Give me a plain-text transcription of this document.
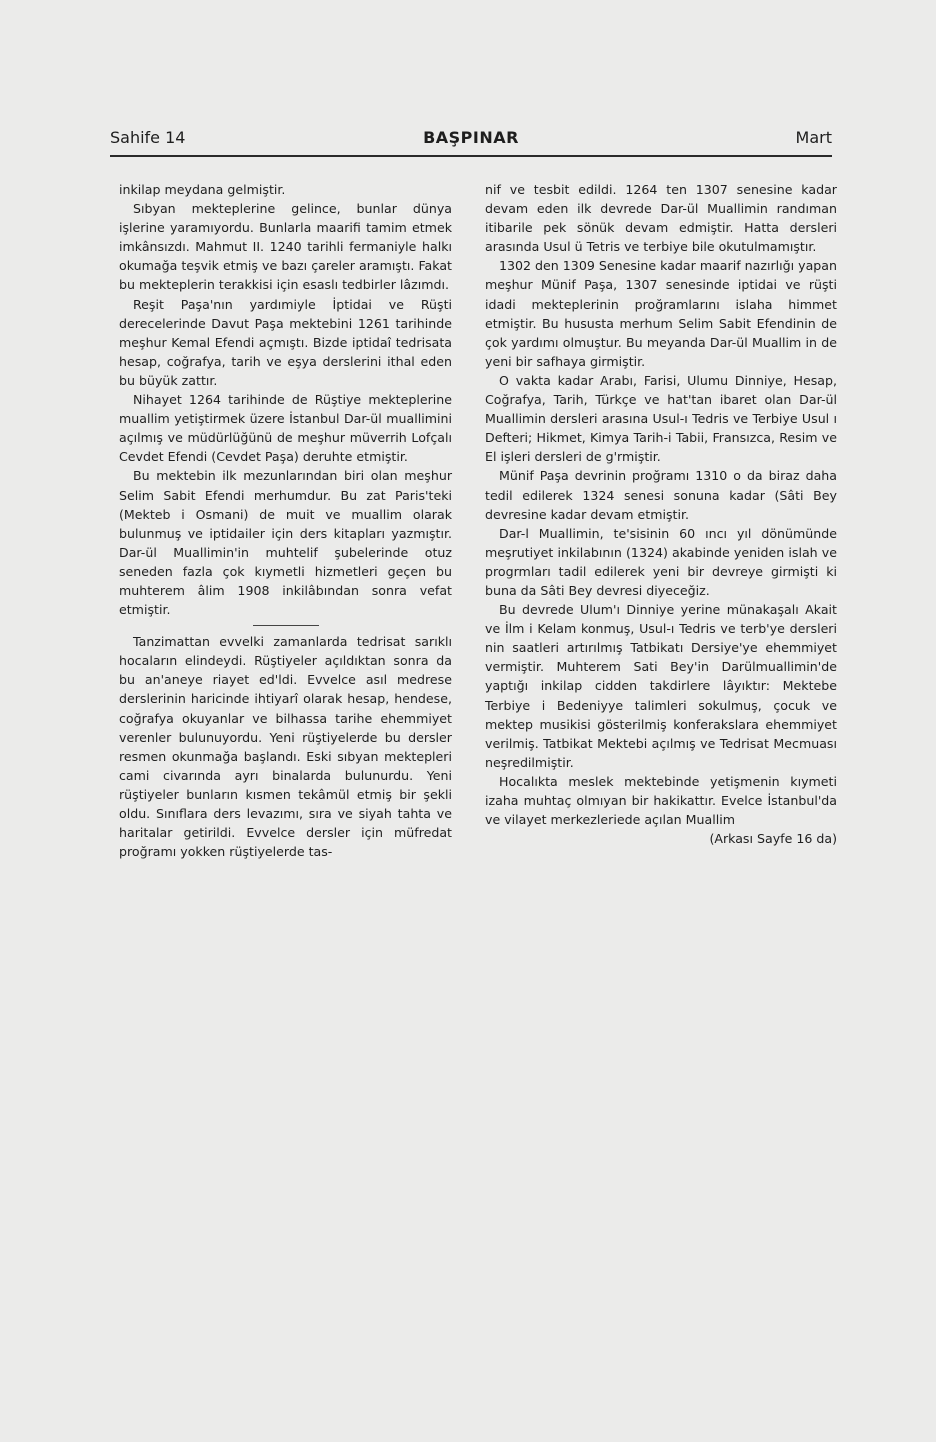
Sahife 14	BAŞPINAR	Mart

inkilap meydana gelmiştir.

Sıbyan mekteplerine gelince, bunlar dünya işlerine yaramıyordu. Bunlarla maarifi tamim etmek imkânsızdı. Mahmut II. 1240 tarihli fermaniyle halkı okumağa teşvik etmiş ve bazı çareler aramıştı. Fakat bu mekteplerin terakkisi için esaslı tedbirler lâzımdı.

Reşit Paşa'nın yardımiyle İptidai ve Rüşti derecelerinde Davut Paşa mektebini 1261 tarihinde meşhur Kemal Efendi açmıştı. Bizde iptidaî tedrisata hesap, coğrafya, tarih ve eşya derslerini ithal eden bu büyük zattır.

Nihayet 1264 tarihinde de Rüştiye mekteplerine muallim yetiştirmek üzere İstanbul Dar-ül muallimini açılmış ve müdürlüğünü de meşhur müverrih Lofçalı Cevdet Efendi (Cevdet Paşa) deruhte etmiştir.

Bu mektebin ilk mezunlarından biri olan meşhur Selim Sabit Efendi merhumdur. Bu zat Paris'teki (Mekteb i Osmani) de muit ve muallim olarak bulunmuş ve iptidailer için ders kitapları yazmıştır. Dar-ül Muallimin'in muhtelif şubelerinde otuz seneden fazla çok kıymetli hizmetleri geçen bu muhterem âlim 1908 inkilâbından sonra vefat etmiştir.

Tanzimattan evvelki zamanlarda tedrisat sarıklı hocaların elindeydi. Rüştiyeler açıldıktan sonra da bu an'aneye riayet ed'ldi. Evvelce asıl medrese derslerinin haricinde ihtiyarî olarak hesap, hendese, coğrafya okuyanlar ve bilhassa tarihe ehemmiyet verenler bulunuyordu. Yeni rüştiyelerde bu dersler resmen okunmağa başlandı. Eski sıbyan mektepleri cami civarında ayrı binalarda bulunurdu. Yeni rüştiyeler bunların kısmen tekâmül etmiş bir şekli oldu. Sınıflara ders levazımı, sıra ve siyah tahta ve haritalar getirildi. Evvelce dersler için müfredat proğramı yokken rüştiyelerde tas-

nif ve tesbit edildi. 1264 ten 1307 senesine kadar devam eden ilk devrede Dar-ül Muallimin randıman itibarile pek sönük devam edmiştir. Hatta dersleri arasında Usul ü Tetris ve terbiye bile okutulmamıştır.

1302 den 1309 Senesine kadar maarif nazırlığı yapan meşhur Münif Paşa, 1307 senesinde iptidai ve rüşti idadi mekteplerinin proğramlarını islaha himmet etmiştir. Bu hususta merhum Selim Sabit Efendinin de çok yardımı olmuştur. Bu meyanda Dar-ül Muallim in de yeni bir safhaya girmiştir.

O vakta kadar Arabı, Farisi, Ulumu Dinniye, Hesap, Coğrafya, Tarih, Türkçe ve hat'tan ibaret olan Dar-ül Muallimin dersleri arasına Usul-ı Tedris ve Terbiye Usul ı Defteri; Hikmet, Kimya Tarih-i Tabii, Fransızca, Resim ve El işleri dersleri de g'rmiştir.

Münif Paşa devrinin proğramı 1310 o da biraz daha tedil edilerek 1324 senesi sonuna kadar (Sâti Bey devresine kadar devam etmiştir.

Dar-l Muallimin, te'sisinin 60 ıncı yıl dönümünde meşrutiyet inkilabının (1324) akabinde yeniden islah ve progrmları tadil edilerek yeni bir devreye girmişti ki buna da Sâti Bey devresi diyeceğiz.

Bu devrede Ulum'ı Dinniye yerine münakaşalı Akait ve İlm i Kelam konmuş, Usul-ı Tedris ve terb'ye dersleri nin saatleri artırılmış Tatbikatı Dersiye'ye ehemmiyet vermiştir. Muhterem Sati Bey'in Darülmuallimin'de yaptığı inkilap cidden takdirlere lâyıktır: Mektebe Terbiye i Bedeniyye talimleri sokulmuş, çocuk ve mektep musikisi gösterilmiş konferakslara ehemmiyet verilmiş. Tatbikat Mektebi açılmış ve Tedrisat Mecmuası neşredilmiştir.

Hocalıkta meslek mektebinde yetişmenin kıymeti izaha muhtaç olmıyan bir hakikattır. Evelce İstanbul'da ve vilayet merkezleriede açılan Muallim

(Arkası Sayfe 16 da)
